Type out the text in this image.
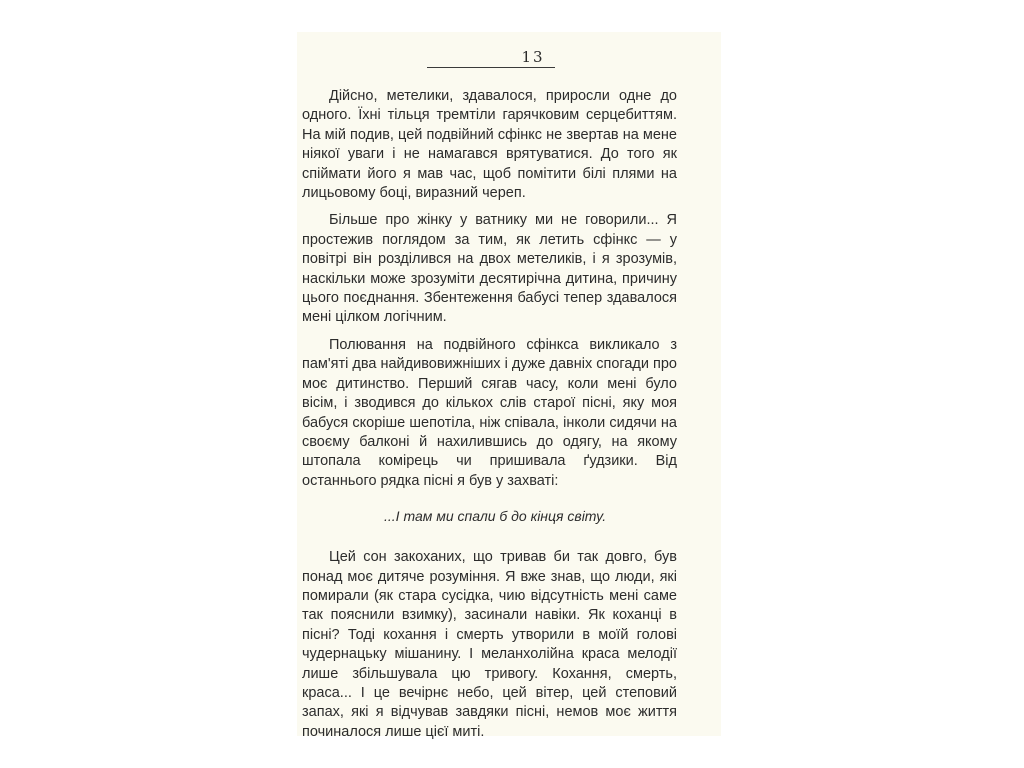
13

Дійсно, метелики, здавалося, приросли одне до одного. Їхні тільця тремтіли гарячковим серцебиттям. На мій подив, цей подвійний сфінкс не звертав на мене ніякої уваги і не намагався врятуватися. До того як спіймати його я мав час, щоб помітити білі плями на лицьовому боці, виразний череп.

Більше про жінку у ватнику ми не говорили... Я простежив поглядом за тим, як летить сфінкс — у повітрі він розділився на двох метеликів, і я зрозумів, наскільки може зрозуміти десятирічна дитина, причину цього поєднання. Збентеження бабусі тепер здавалося мені цілком логічним.

Полювання на подвійного сфінкса викликало з пам'яті два найдивовижніших і дуже давніх спогади про моє дитинство. Перший сягав часу, коли мені було вісім, і зводився до кількох слів старої пісні, яку моя бабуся скоріше шепотіла, ніж співала, інколи сидячи на своєму балконі й нахилившись до одягу, на якому штопала комірець чи пришивала ґудзики. Від останнього рядка пісні я був у захваті:

...І там ми спали б до кінця світу.

Цей сон закоханих, що тривав би так довго, був понад моє дитяче розуміння. Я вже знав, що люди, які помирали (як стара сусідка, чию відсутність мені саме так пояснили взимку), засинали навіки. Як коханці в пісні? Тоді кохання і смерть утворили в моїй голові чудернацьку мішанину. І меланхолійна краса мелодії лише збільшувала цю тривогу. Кохання, смерть, краса... І це вечірнє небо, цей вітер, цей степовий запах, які я відчував завдяки пісні, немов моє життя починалося лише цієї миті.
